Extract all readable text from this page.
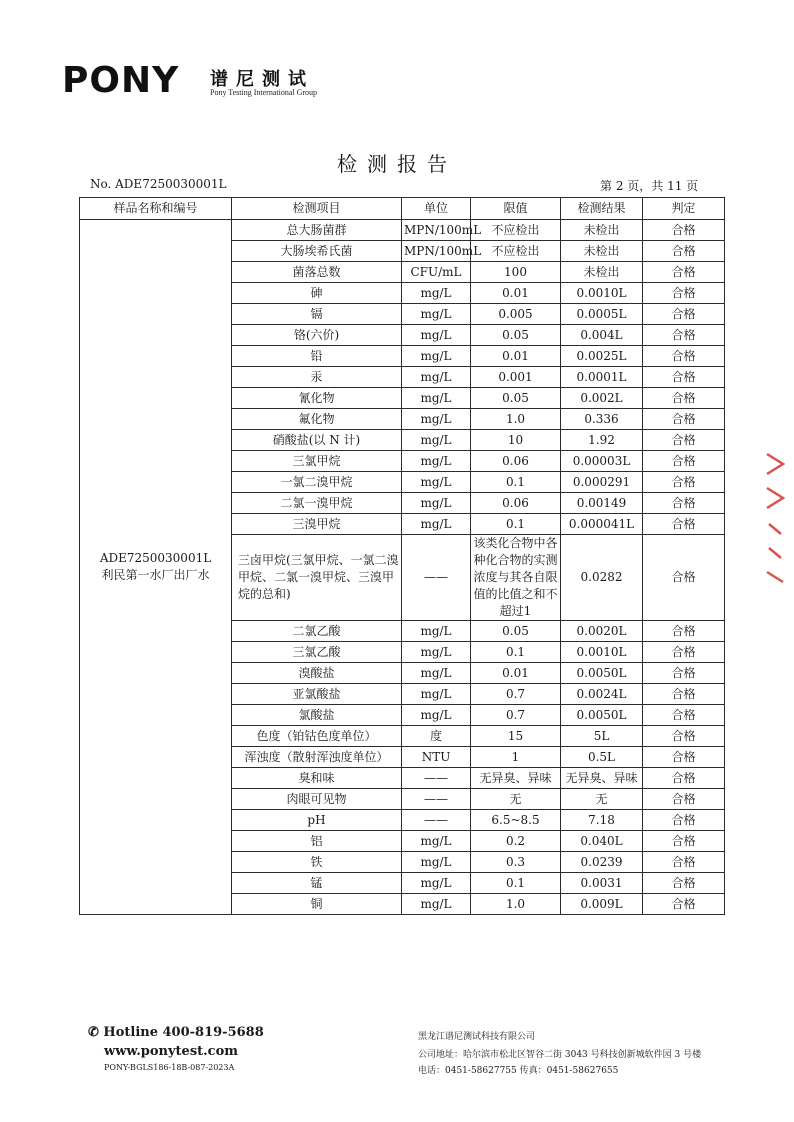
PONY 谱尼测试
Pony Testing International Group
检测报告
No. ADE7250030001L	第 2 页，共 11 页
样品名称和编号	检测项目	单位	限值	检测结果	判定

ADE7250030001L
利民第一水厂出厂水	总大肠菌群	MPN/100mL	不应检出	未检出	合格
	大肠埃希氏菌	MPN/100mL	不应检出	未检出	合格
	菌落总数	CFU/mL	100	未检出	合格
	砷	mg/L	0.01	0.0010L	合格
	镉	mg/L	0.005	0.0005L	合格
	铬(六价)	mg/L	0.05	0.004L	合格
	铅	mg/L	0.01	0.0025L	合格
	汞	mg/L	0.001	0.0001L	合格
	氰化物	mg/L	0.05	0.002L	合格
	氟化物	mg/L	1.0	0.336	合格
	硝酸盐(以 N 计)	mg/L	10	1.92	合格
	三氯甲烷	mg/L	0.06	0.00003L	合格
	一氯二溴甲烷	mg/L	0.1	0.000291	合格
	二氯一溴甲烷	mg/L	0.06	0.00149	合格
	三溴甲烷	mg/L	0.1	0.000041L	合格
	三卤甲烷(三氯甲烷、一氯二溴甲烷、二氯一溴甲烷、三溴甲烷的总和)	——	该类化合物中各种化合物的实测浓度与其各自限值的比值之和不超过1	0.0282	合格
	二氯乙酸	mg/L	0.05	0.0020L	合格
	三氯乙酸	mg/L	0.1	0.0010L	合格
	溴酸盐	mg/L	0.01	0.0050L	合格
	亚氯酸盐	mg/L	0.7	0.0024L	合格
	氯酸盐	mg/L	0.7	0.0050L	合格
	色度（铂钴色度单位）	度	15	5L	合格
	浑浊度（散射浑浊度单位）	NTU	1	0.5L	合格
	臭和味	——	无异臭、异味	无异臭、异味	合格
	肉眼可见物	——	无	无	合格
	pH	——	6.5~8.5	7.18	合格
	铝	mg/L	0.2	0.040L	合格
	铁	mg/L	0.3	0.0239	合格
	锰	mg/L	0.1	0.0031	合格
	铜	mg/L	1.0	0.009L	合格
✆ Hotline 400-819-5688
www.ponytest.com
PONY-BGLS186-18B-087-2023A
黑龙江谱尼测试科技有限公司
公司地址：哈尔滨市松北区智谷二街 3043 号科技创新城软件园 3 号楼
电话：0451-58627755 传真：0451-58627655
